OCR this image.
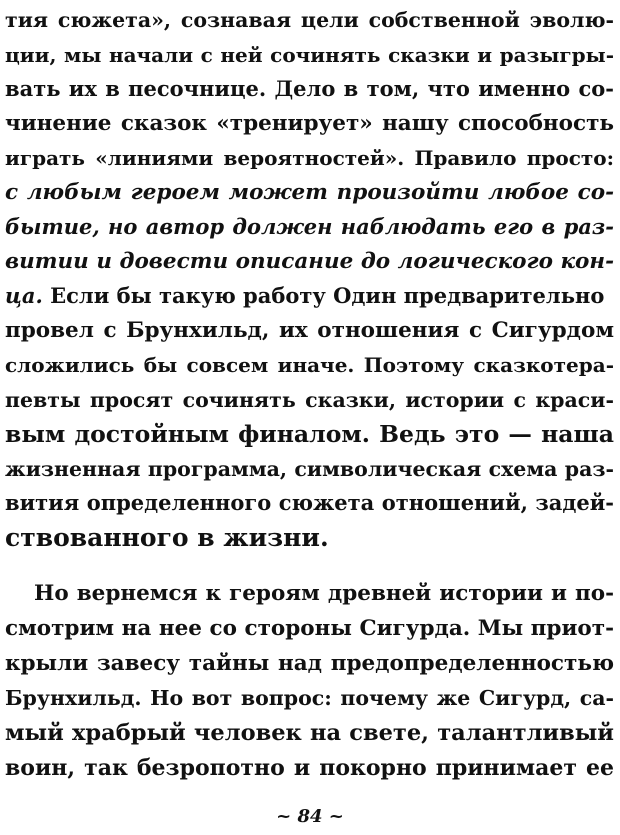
тия сюжета», сознавая цели собственной эволю-
ции, мы начали с ней сочинять сказки и разыгры-
вать их в песочнице. Дело в том, что именно со-
чинение сказок «тренирует» нашу способность
играть «линиями вероятностей». Правило просто:
с любым героем может произойти любое со-
бытие, но автор должен наблюдать его в раз-
витии и довести описание до логического кон-
ца. Если бы такую работу Один предварительно
провел с Брунхильд, их отношения с Сигурдом
сложились бы совсем иначе. Поэтому сказкотера-
певты просят сочинять сказки, истории с краси-
вым достойным финалом. Ведь это — наша
жизненная программа, символическая схема раз-
вития определенного сюжета отношений, задей-
ствованного в жизни.
Но вернемся к героям древней истории и по-
смотрим на нее со стороны Сигурда. Мы приот-
крыли завесу тайны над предопределенностью
Брунхильд. Но вот вопрос: почему же Сигурд, са-
мый храбрый человек на свете, талантливый
воин, так безропотно и покорно принимает ее
~ 84 ~
